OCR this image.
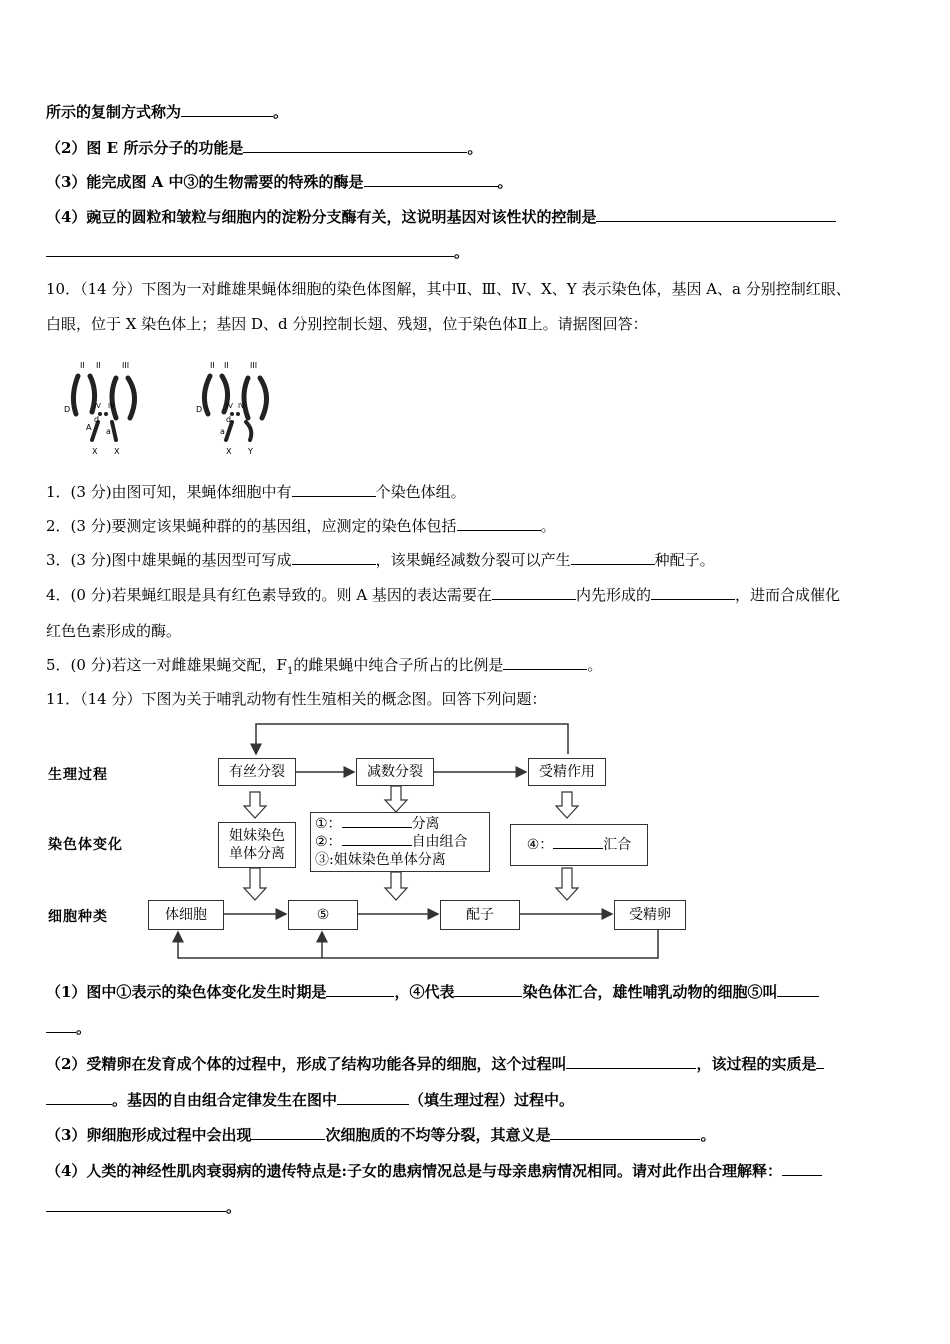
所示的复制方式称为	。
（2）图 E 所示分子的功能是	。
（3）能完成图 A 中③的生物需要的特殊的酶是	。
（4）豌豆的圆粒和皱粒与细胞内的淀粉分支酶有关，这说明基因对该性状的控制是
。
10．（14 分）下图为一对雌雄果蝇体细胞的染色体图解，其中Ⅱ、Ⅲ、Ⅳ、X、Y 表示染色体，基因 A、a 分别控制红眼、
白眼，位于 X 染色体上；基因 D、d 分别控制长翅、残翅，位于染色体Ⅱ上。请据图回答：
II II	III
IV IV
D
d
A a
X X
II II	III
IV IV
D
d
a
X Y
1．(3 分)由图可知，果蝇体细胞中有	个染色体组。
2．(3 分)要测定该果蝇种群的的基因组，应测定的染色体包括	。
3．(3 分)图中雄果蝇的基因型可写成	，该果蝇经减数分裂可以产生	种配子。
4．(0 分)若果蝇红眼是具有红色素导致的。则 A 基因的表达需要在	内先形成的	，进而合成催化
红色色素形成的酶。
5．(0 分)若这一对雌雄果蝇交配，$F_1$的雌果蝇中纯合子所占的比例是	。
11．（14 分）下图为关于哺乳动物有性生殖相关的概念图。回答下列问题：
生理过程
染色体变化
细胞种类
有丝分裂	减数分裂	受精作用
姐妹染色
单体分离
①：	分离
②：	自由组合
③:姐妹染色单体分离
④：	汇合
体细胞	⑤	配子	受精卵
（1）图中①表示的染色体变化发生时期是	，④代表	染色体汇合，雄性哺乳动物的细胞⑤叫
。
（2）受精卵在发育成个体的过程中，形成了结构功能各异的细胞，这个过程叫	，该过程的实质是
。基因的自由组合定律发生在图中	（填生理过程）过程中。
（3）卵细胞形成过程中会出现	次细胞质的不均等分裂，其意义是	。
（4）人类的神经性肌肉衰弱病的遗传特点是:子女的患病情况总是与母亲患病情况相同。请对此作出合理解释：
。
